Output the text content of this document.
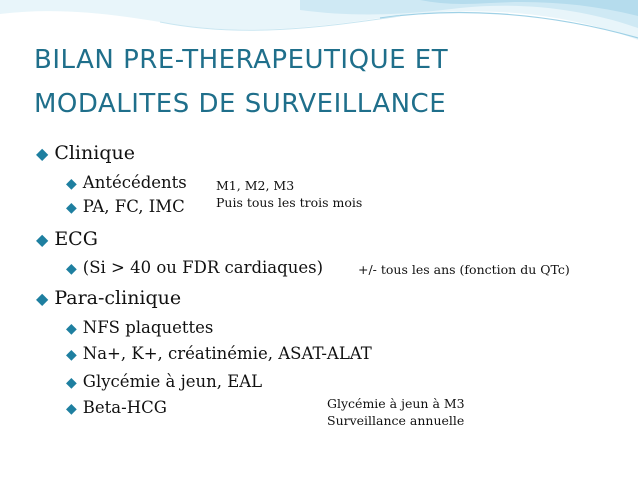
BILAN PRE-THERAPEUTIQUE ET
MODALITES DE SURVEILLANCE
◆ Clinique
◆ Antécédents
◆ PA, FC, IMC
M1, M2, M3
Puis tous les trois mois
◆ ECG
◆ (Si > 40 ou FDR cardiaques)	+/- tous les ans (fonction du QTc)
◆ Para-clinique
◆ NFS plaquettes
◆ Na+, K+, créatinémie, ASAT-ALAT
◆ Glycémie à jeun, EAL
◆ Beta-HCG	Glycémie à jeun à M3
Surveillance annuelle
